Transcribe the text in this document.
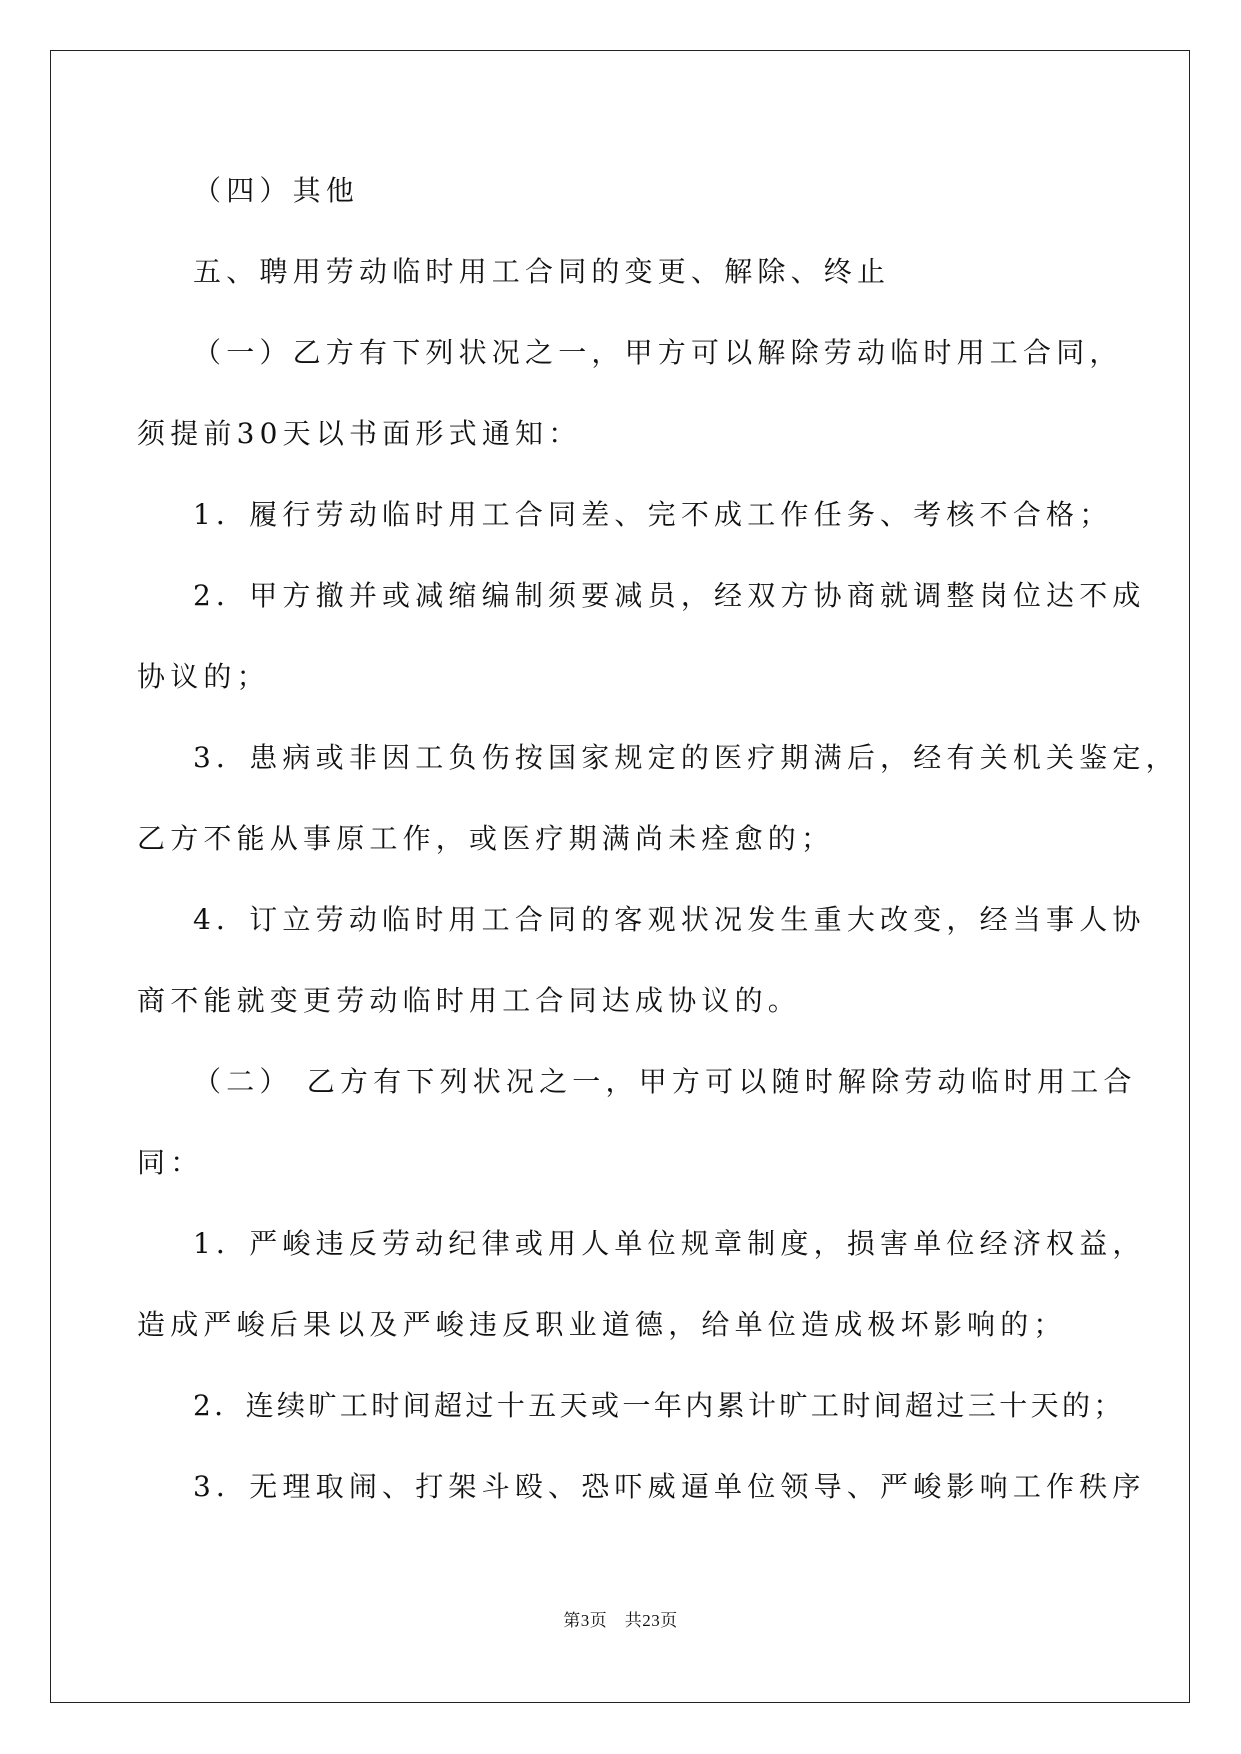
（四）其他
五、聘用劳动临时用工合同的变更、解除、终止
（一）乙方有下列状况之一，甲方可以解除劳动临时用工合同，
须提前30天以书面形式通知：
1．履行劳动临时用工合同差、完不成工作任务、考核不合格；
2．甲方撤并或减缩编制须要减员，经双方协商就调整岗位达不成
协议的；
3．患病或非因工负伤按国家规定的医疗期满后，经有关机关鉴定，
乙方不能从事原工作，或医疗期满尚未痊愈的；
4．订立劳动临时用工合同的客观状况发生重大改变，经当事人协
商不能就变更劳动临时用工合同达成协议的。
（二） 乙方有下列状况之一，甲方可以随时解除劳动临时用工合
同：
1．严峻违反劳动纪律或用人单位规章制度，损害单位经济权益，
造成严峻后果以及严峻违反职业道德，给单位造成极坏影响的；
2．连续旷工时间超过十五天或一年内累计旷工时间超过三十天的；
3．无理取闹、打架斗殴、恐吓威逼单位领导、严峻影响工作秩序
第3页　 共23页
